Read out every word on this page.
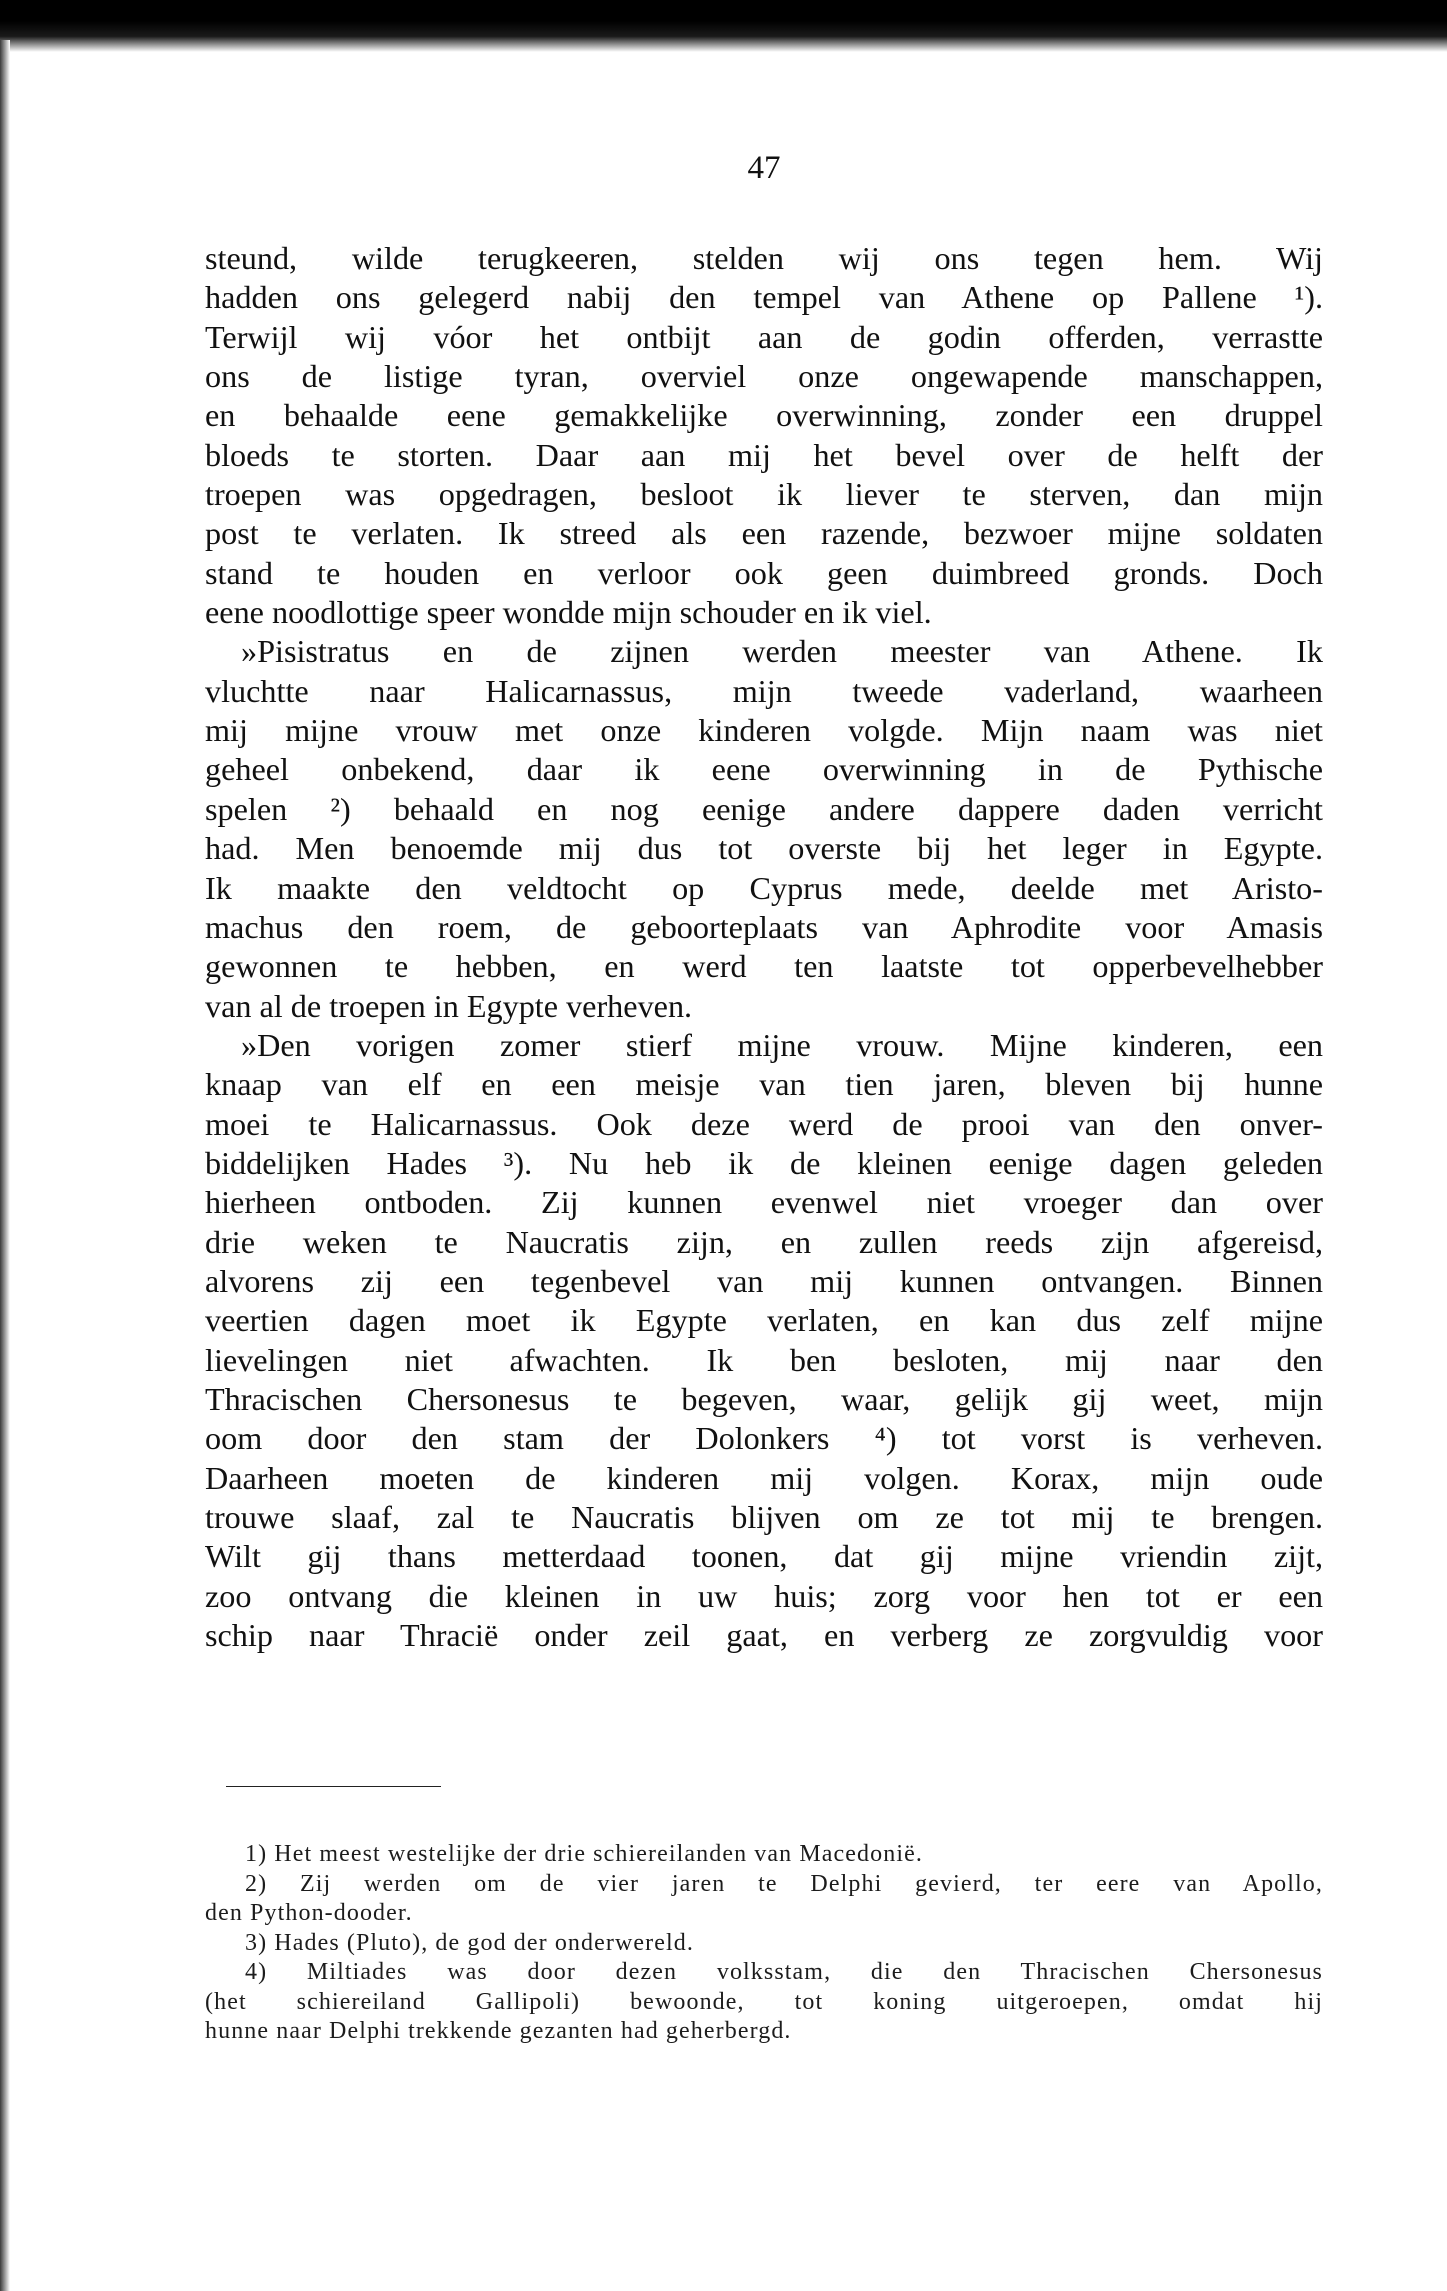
47
steund, wilde terugkeeren, stelden wij ons tegen hem. Wij
hadden ons gelegerd nabij den tempel van Athene op Pallene ¹).
Terwijl wij vóor het ontbijt aan de godin offerden, verrastte
ons de listige tyran, overviel onze ongewapende manschappen,
en behaalde eene gemakkelijke overwinning, zonder een druppel
bloeds te storten. Daar aan mij het bevel over de helft der
troepen was opgedragen, besloot ik liever te sterven, dan mijn
post te verlaten. Ik streed als een razende, bezwoer mijne soldaten
stand te houden en verloor ook geen duimbreed gronds. Doch
eene noodlottige speer wondde mijn schouder en ik viel.
»Pisistratus en de zijnen werden meester van Athene. Ik
vluchtte naar Halicarnassus, mijn tweede vaderland, waarheen
mij mijne vrouw met onze kinderen volgde. Mijn naam was niet
geheel onbekend, daar ik eene overwinning in de Pythische
spelen ²) behaald en nog eenige andere dappere daden verricht
had. Men benoemde mij dus tot overste bij het leger in Egypte.
Ik maakte den veldtocht op Cyprus mede, deelde met Aristo-
machus den roem, de geboorteplaats van Aphrodite voor Amasis
gewonnen te hebben, en werd ten laatste tot opperbevelhebber
van al de troepen in Egypte verheven.
»Den vorigen zomer stierf mijne vrouw. Mijne kinderen, een
knaap van elf en een meisje van tien jaren, bleven bij hunne
moei te Halicarnassus. Ook deze werd de prooi van den onver-
biddelijken Hades ³). Nu heb ik de kleinen eenige dagen geleden
hierheen ontboden. Zij kunnen evenwel niet vroeger dan over
drie weken te Naucratis zijn, en zullen reeds zijn afgereisd,
alvorens zij een tegenbevel van mij kunnen ontvangen. Binnen
veertien dagen moet ik Egypte verlaten, en kan dus zelf mijne
lievelingen niet afwachten. Ik ben besloten, mij naar den
Thracischen Chersonesus te begeven, waar, gelijk gij weet, mijn
oom door den stam der Dolonkers ⁴) tot vorst is verheven.
Daarheen moeten de kinderen mij volgen. Korax, mijn oude
trouwe slaaf, zal te Naucratis blijven om ze tot mij te brengen.
Wilt gij thans metterdaad toonen, dat gij mijne vriendin zijt,
zoo ontvang die kleinen in uw huis; zorg voor hen tot er een
schip naar Thracië onder zeil gaat, en verberg ze zorgvuldig voor
1) Het meest westelijke der drie schiereilanden van Macedonië.
2) Zij werden om de vier jaren te Delphi gevierd, ter eere van Apollo,
den Python-dooder.
3) Hades (Pluto), de god der onderwereld.
4) Miltiades was door dezen volksstam, die den Thracischen Chersonesus
(het schiereiland Gallipoli) bewoonde, tot koning uitgeroepen, omdat hij
hunne naar Delphi trekkende gezanten had geherbergd.
